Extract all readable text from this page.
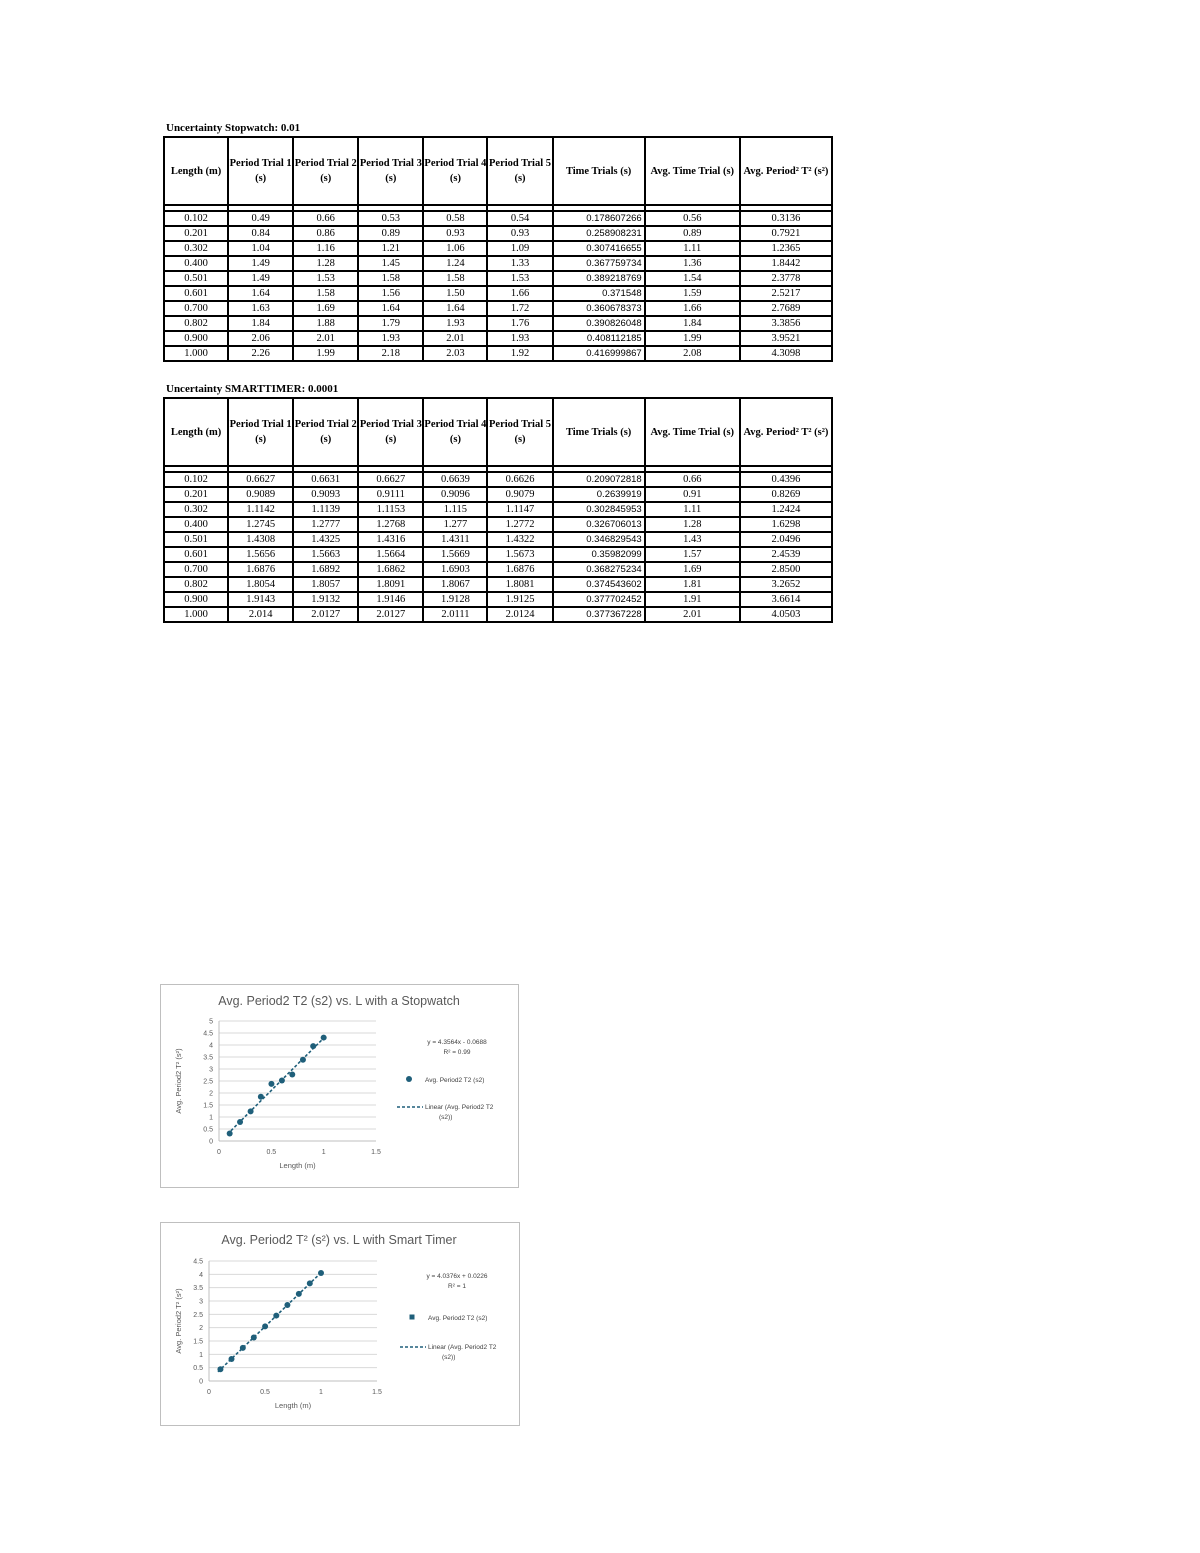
Uncertainty Stopwatch: 0.01
Length (m)	Period Trial 1 (s)	Period Trial 2 (s)	Period Trial 3 (s)	Period Trial 4 (s)	Period Trial 5 (s)	Time Trials (s)	Avg. Time Trial (s)	Avg. Period² T² (s²)

0.102	0.49	0.66	0.53	0.58	0.54	0.178607266	0.56	0.3136
0.201	0.84	0.86	0.89	0.93	0.93	0.258908231	0.89	0.7921
0.302	1.04	1.16	1.21	1.06	1.09	0.307416655	1.11	1.2365
0.400	1.49	1.28	1.45	1.24	1.33	0.367759734	1.36	1.8442
0.501	1.49	1.53	1.58	1.58	1.53	0.389218769	1.54	2.3778
0.601	1.64	1.58	1.56	1.50	1.66	0.371548	1.59	2.5217
0.700	1.63	1.69	1.64	1.64	1.72	0.360678373	1.66	2.7689
0.802	1.84	1.88	1.79	1.93	1.76	0.390826048	1.84	3.3856
0.900	2.06	2.01	1.93	2.01	1.93	0.408112185	1.99	3.9521
1.000	2.26	1.99	2.18	2.03	1.92	0.416999867	2.08	4.3098
Uncertainty SMARTTIMER: 0.0001
Length (m)	Period Trial 1 (s)	Period Trial 2 (s)	Period Trial 3 (s)	Period Trial 4 (s)	Period Trial 5 (s)	Time Trials (s)	Avg. Time Trial (s)	Avg. Period² T² (s²)

0.102	0.6627	0.6631	0.6627	0.6639	0.6626	0.209072818	0.66	0.4396
0.201	0.9089	0.9093	0.9111	0.9096	0.9079	0.2639919	0.91	0.8269
0.302	1.1142	1.1139	1.1153	1.115	1.1147	0.302845953	1.11	1.2424
0.400	1.2745	1.2777	1.2768	1.277	1.2772	0.326706013	1.28	1.6298
0.501	1.4308	1.4325	1.4316	1.4311	1.4322	0.346829543	1.43	2.0496
0.601	1.5656	1.5663	1.5664	1.5669	1.5673	0.35982099	1.57	2.4539
0.700	1.6876	1.6892	1.6862	1.6903	1.6876	0.368275234	1.69	2.8500
0.802	1.8054	1.8057	1.8091	1.8067	1.8081	0.374543602	1.81	3.2652
0.900	1.9143	1.9132	1.9146	1.9128	1.9125	0.377702452	1.91	3.6614
1.000	2.014	2.0127	2.0127	2.0111	2.0124	0.377367228	2.01	4.0503
Avg. Period2 T2 (s2) vs. L with a Stopwatch
0
0.5
1
1.5
2
2.5
3
3.5
4
4.5
5
0	0.5	1	1.5
Length (m)
Avg. Period2 T² (s²)
y = 4.3564x - 0.0688
R² = 0.99
Avg. Period2 T2 (s2)
Linear (Avg. Period2 T2
(s2))
Avg. Period2 T² (s²) vs. L with Smart Timer
0
0.5
1
1.5
2
2.5
3
3.5
4
4.5
0	0.5	1	1.5
Length (m)
Avg. Period2 T² (s²)
y = 4.0376x + 0.0226
R² = 1
Avg. Period2 T2 (s2)
Linear (Avg. Period2 T2
(s2))
